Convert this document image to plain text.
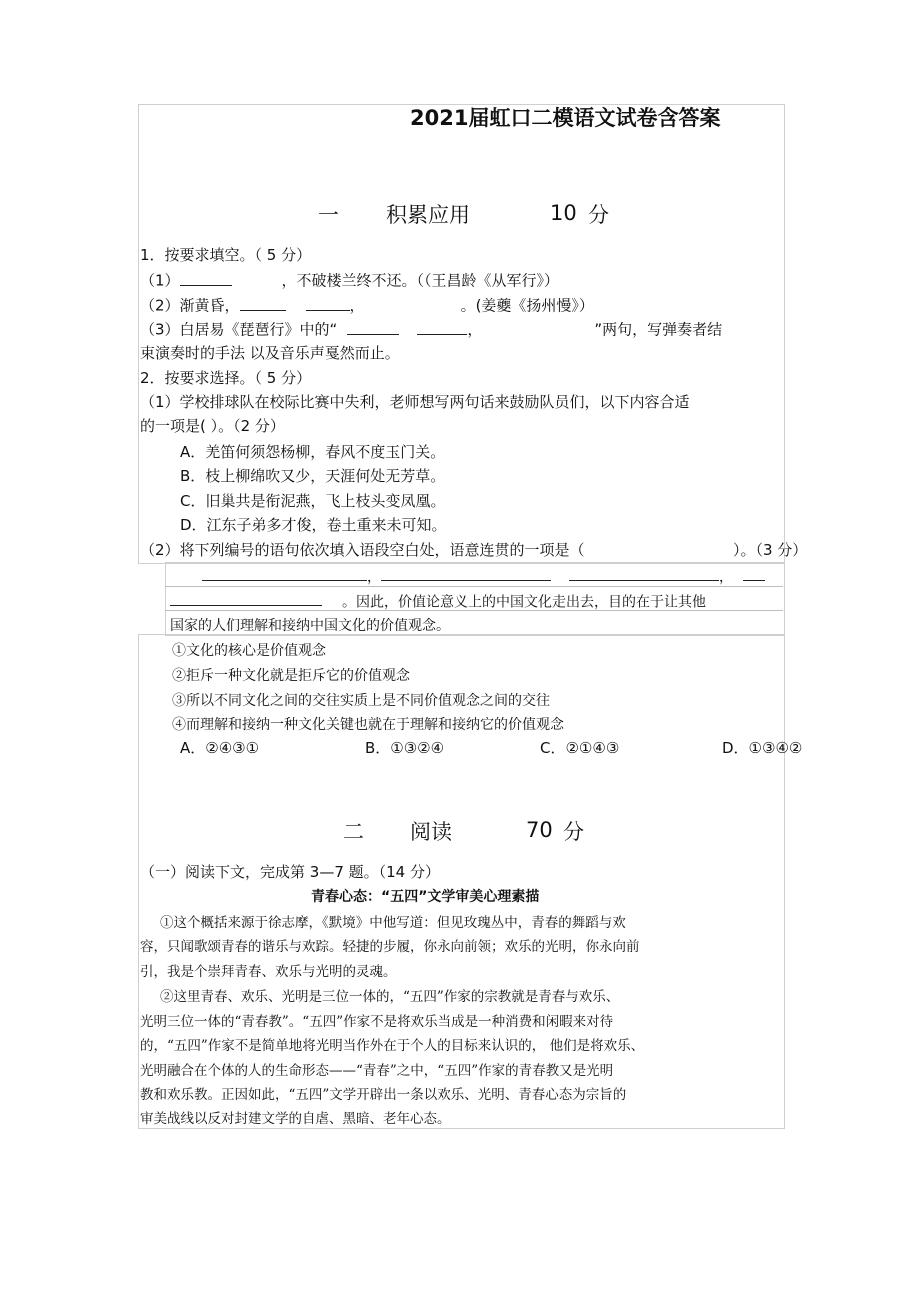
2021届虹口二模语文试卷含答案
一 积累应用	10 分
1．按要求填空。（ 5 分）
（1）	，不破楼兰终不还。（（王昌龄《从军行》）
（2）渐黄昏，	，	。(姜夔《扬州慢》）
（3）白居易《琵琶行》中的“	，	”两句，写弹奏者结
束演奏时的手法 以及音乐声戛然而止。
2．按要求选择。（ 5 分）
（1）学校排球队在校际比赛中失利，老师想写两句话来鼓励队员们，以下内容合适
的一项是( ）。（2 分）
A．羌笛何须怨杨柳，春风不度玉门关。
B．枝上柳绵吹又少，天涯何处无芳草。
C．旧巢共是衔泥燕，飞上枝头变凤凰。
D．江东子弟多才俊，卷土重来未可知。
（2）将下列编号的语句依次填入语段空白处，语意连贯的一项是（	）。（3 分）
，	，
。因此，价值论意义上的中国文化走出去，目的在于让其他
国家的人们理解和接纳中国文化的价值观念。
①文化的核心是价值观念
②拒斥一种文化就是拒斥它的价值观念
③所以不同文化之间的交往实质上是不同价值观念之间的交往
④而理解和接纳一种文化关键也就在于理解和接纳它的价值观念
A．②④③①	B．①③②④	C．②①④③	D．①③④②
二 阅读	70 分
（一）阅读下文，完成第 3—7 题。（14 分）
青春心态：“五四”文学审美心理素描
①这个概括来源于徐志摩，《默境》中他写道：但见玫瑰丛中，青春的舞蹈与欢
容，只闻歌颂青春的谐乐与欢踪。轻捷的步履，你永向前领；欢乐的光明，你永向前
引，我是个崇拜青春、欢乐与光明的灵魂。
②这里青春、欢乐、光明是三位一体的，“五四”作家的宗教就是青春与欢乐、
光明三位一体的“青春教”。“五四”作家不是将欢乐当成是一种消费和闲暇来对待
的，“五四”作家不是简单地将光明当作外在于个人的目标来认识的， 他们是将欢乐、
光明融合在个体的人的生命形态——“青春”之中，“五四”作家的青春教又是光明
教和欢乐教。正因如此，“五四”文学开辟出一条以欢乐、光明、青春心态为宗旨的
审美战线以反对封建文学的自虐、黑暗、老年心态。
